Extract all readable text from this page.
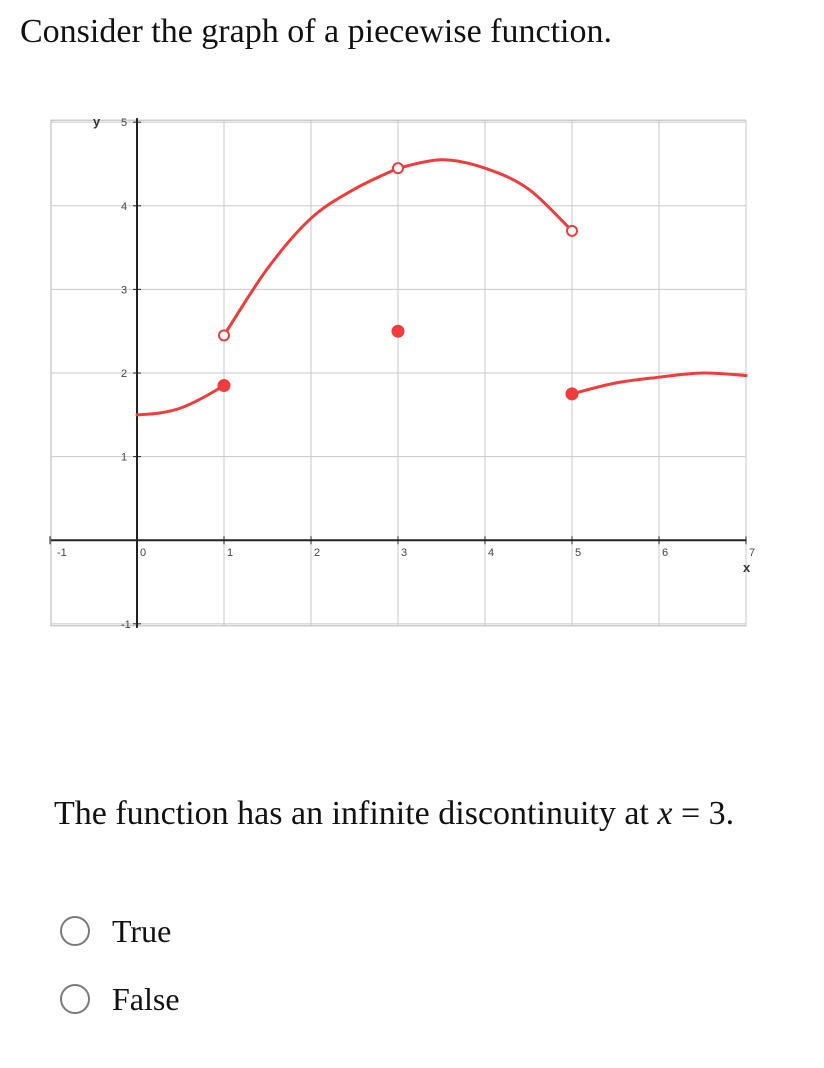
Consider the graph of a piecewise function.
-1	0	1	2	3	4	5	6	7
-1
1
2
3
4
5
y
x

The function has an infinite discontinuity at x = 3.

True
False
